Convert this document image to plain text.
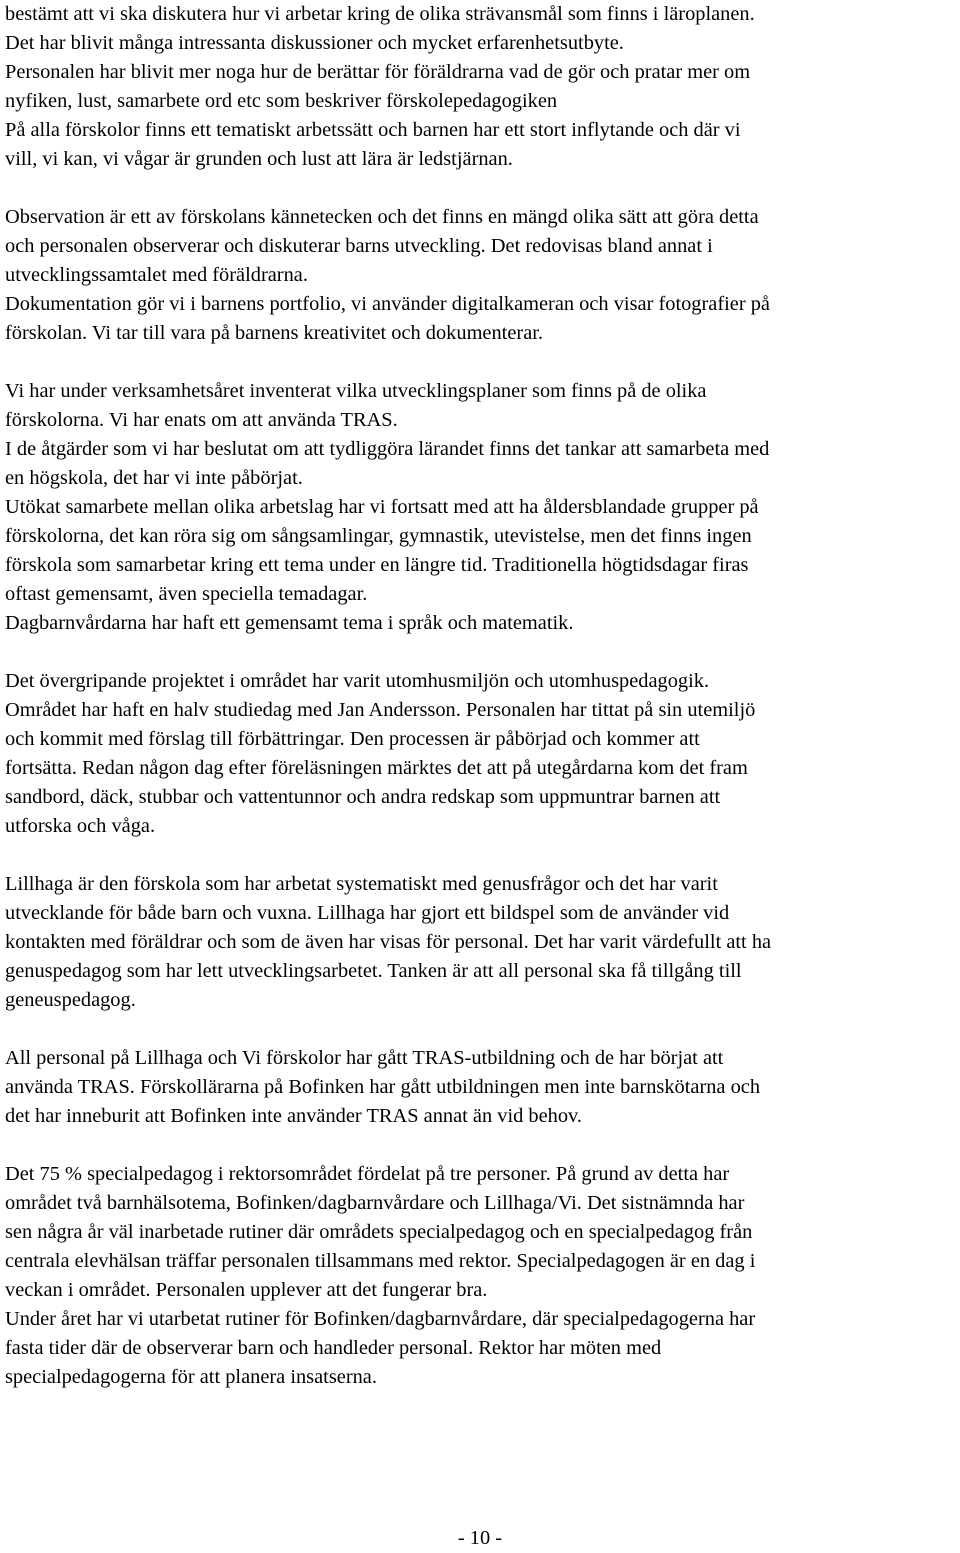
bestämt att vi ska diskutera hur vi arbetar kring de olika strävansmål som finns i läroplanen.
Det har blivit många intressanta diskussioner och mycket erfarenhetsutbyte.
Personalen har blivit mer noga hur de berättar för föräldrarna vad de gör och pratar mer om
nyfiken, lust, samarbete ord etc som beskriver förskolepedagogiken
På alla förskolor finns ett tematiskt arbetssätt och barnen har ett stort inflytande och där vi
vill, vi kan, vi vågar är grunden och lust att lära är ledstjärnan.

Observation är ett av förskolans kännetecken och det finns en mängd olika sätt att göra detta
och personalen observerar och diskuterar barns utveckling. Det redovisas bland annat i
utvecklingssamtalet med föräldrarna.
Dokumentation gör vi i barnens portfolio, vi använder digitalkameran och visar fotografier på
förskolan. Vi tar till vara på barnens kreativitet och dokumenterar.

Vi har under verksamhetsåret inventerat vilka utvecklingsplaner som finns på de olika
förskolorna. Vi har enats om att använda TRAS.
I de åtgärder som vi har beslutat om att tydliggöra lärandet finns det tankar att samarbeta med
en högskola, det har vi inte påbörjat.
Utökat samarbete mellan olika arbetslag har vi fortsatt med att ha åldersblandade grupper på
förskolorna, det kan röra sig om sångsamlingar, gymnastik, utevistelse, men det finns ingen
förskola som samarbetar kring ett tema under en längre tid. Traditionella högtidsdagar firas
oftast gemensamt, även speciella temadagar.
Dagbarnvårdarna har haft ett gemensamt tema i språk och matematik.

Det övergripande projektet i området har varit utomhusmiljön och utomhuspedagogik.
Området har haft en halv studiedag med Jan Andersson. Personalen har tittat på sin utemiljö
och kommit med förslag till förbättringar. Den processen är påbörjad och kommer att
fortsätta. Redan någon dag efter föreläsningen märktes det att på utegårdarna kom det fram
sandbord, däck, stubbar och vattentunnor och andra redskap som uppmuntrar barnen att
utforska och våga.

Lillhaga är den förskola som har arbetat systematiskt med genusfrågor och det har varit
utvecklande för både barn och vuxna. Lillhaga har gjort ett bildspel som de använder vid
kontakten med föräldrar och som de även har visas för personal. Det har varit värdefullt att ha
genuspedagog som har lett utvecklingsarbetet. Tanken är att all personal ska få tillgång till
geneuspedagog.

All personal på Lillhaga och Vi förskolor har gått TRAS-utbildning och de har börjat att
använda TRAS. Förskollärarna på Bofinken har gått utbildningen men inte barnskötarna och
det har inneburit att Bofinken inte använder TRAS annat än vid behov.

Det 75 % specialpedagog i rektorsområdet fördelat på tre personer. På grund av detta har
området två barnhälsotema, Bofinken/dagbarnvårdare och Lillhaga/Vi. Det sistnämnda har
sen några år väl inarbetade rutiner där områdets specialpedagog och en specialpedagog från
centrala elevhälsan träffar personalen tillsammans med rektor. Specialpedagogen är en dag i
veckan i området. Personalen upplever att det fungerar bra.
Under året har vi utarbetat rutiner för Bofinken/dagbarnvårdare, där specialpedagogerna har
fasta tider där de observerar barn och handleder personal. Rektor har möten med
specialpedagogerna för att planera insatserna.

- 10 -
